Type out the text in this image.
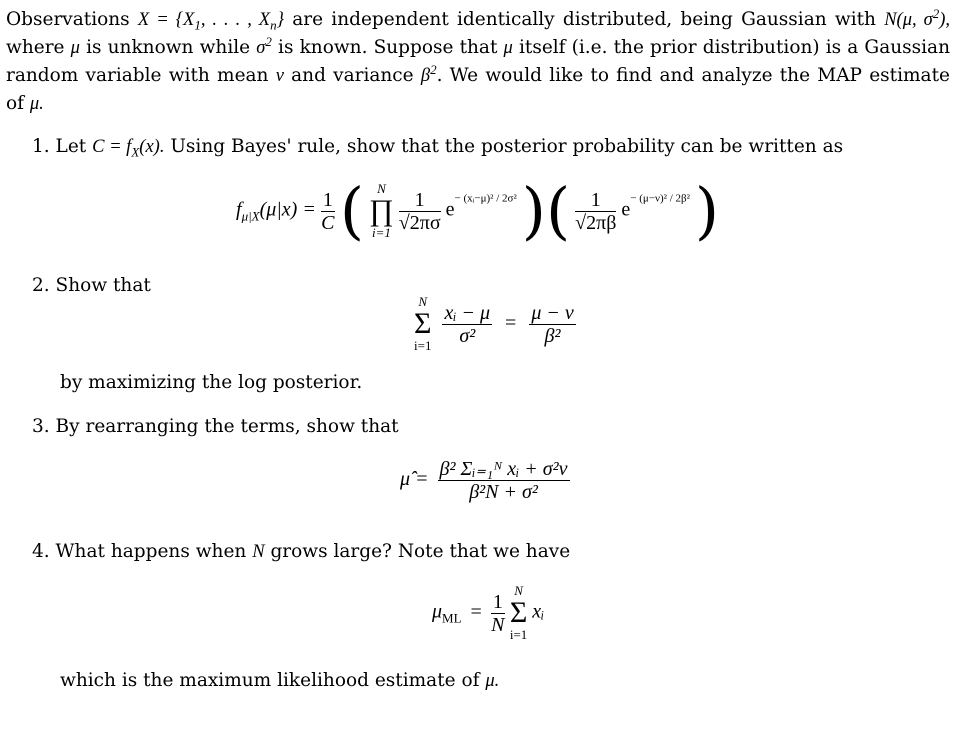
Observations $X = \{X_1$, . . . , $X_n$} are independent identically distributed, being Gaussian with N(μ, $\sigma^2$), where μ is unknown while $\sigma^2$ is known. Suppose that μ itself (i.e. the prior distribution) is a Gaussian random variable with mean ν and variance $\beta^2$. We would like to find and analyze the MAP estimate of μ.
1. Let $C = f_X(x)$. Using Bayes' rule, show that the posterior probability can be written as
$f_{\mu|X}(\mu|x) = \frac{1}{C}$ ( N
∏
$i=1 \frac{1}{√2\pi\sigma} e^{- (xᵢ-\mu)^2 / 2\sigma^2}$ )( $\frac{1}{√2\pi\beta} e^{- (\mu-\nu)^2 / 2\beta^2}$ )
2. Show that
N
Σ
$i=1 \frac{\text{xᵢ − μ}}{\text{σ²}} = \frac{\mu - \nu}{\text{β²}}$
by maximizing the log posterior.
3. By rearranging the terms, show that
μ̂ = $\frac{\text{β² Σᵢ₌₁ᴺ xᵢ + σ²ν}}{\text{β²N + σ²}}$
4. What happens when N grows large? Note that we have
$\mu_{ML} = \frac{1}{N}$ N
Σ
i=1 xᵢ
which is the maximum likelihood estimate of μ.
